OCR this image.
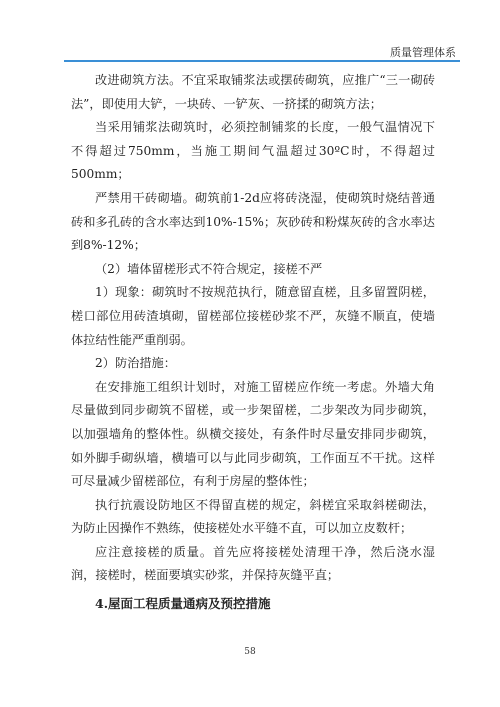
质量管理体系

改进砌筑方法。不宜采取铺浆法或摆砖砌筑，应推广“三一砌砖法”，即使用大铲，一块砖、一铲灰、一挤揉的砌筑方法；

当采用铺浆法砌筑时，必须控制铺浆的长度，一般气温情况下不得超过750mm，当施工期间气温超过30ºC时，不得超过500mm；

严禁用干砖砌墙。砌筑前1-2d应将砖浇湿，使砌筑时烧结普通砖和多孔砖的含水率达到10%-15%；灰砂砖和粉煤灰砖的含水率达到8%-12%；

（2）墙体留槎形式不符合规定，接槎不严

1）现象：砌筑时不按规范执行，随意留直槎，且多留置阴槎，槎口部位用砖渣填砌，留槎部位接槎砂浆不严，灰缝不顺直，使墙体拉结性能严重削弱。

2）防治措施：

在安排施工组织计划时，对施工留槎应作统一考虑。外墙大角尽量做到同步砌筑不留槎，或一步架留槎，二步架改为同步砌筑，以加强墙角的整体性。纵横交接处，有条件时尽量安排同步砌筑，如外脚手砌纵墙，横墙可以与此同步砌筑，工作面互不干扰。这样可尽量减少留槎部位，有利于房屋的整体性；

执行抗震设防地区不得留直槎的规定，斜槎宜采取斜槎砌法，为防止因操作不熟练，使接槎处水平缝不直，可以加立皮数杆；

应注意接槎的质量。首先应将接槎处清理干净，然后浇水湿润，接槎时，槎面要填实砂浆，并保持灰缝平直；

4.屋面工程质量通病及预控措施

58
